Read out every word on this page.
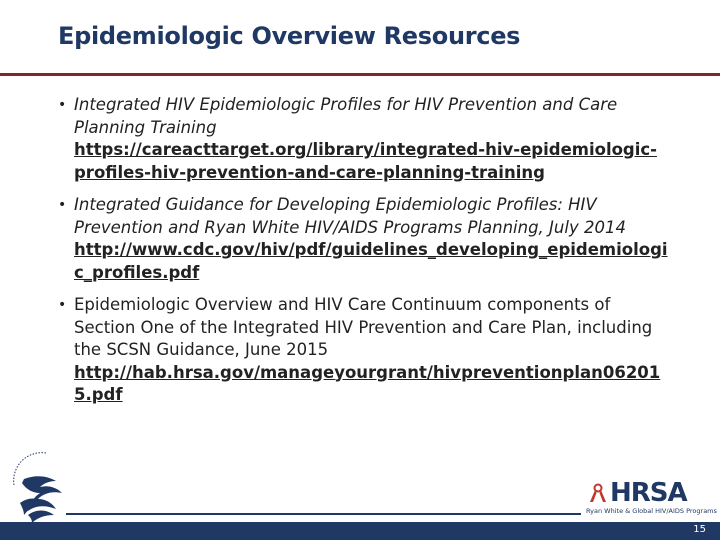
Epidemiologic Overview Resources
• Integrated HIV Epidemiologic Profiles for HIV Prevention and Care Planning Training
https://careacttarget.org/library/integrated-hiv-epidemiologic-profiles-hiv-prevention-and-care-planning-training
• Integrated Guidance for Developing Epidemiologic Profiles: HIV Prevention and Ryan White HIV/AIDS Programs Planning, July 2014
http://www.cdc.gov/hiv/pdf/guidelines_developing_epidemiologic_profiles.pdf
• Epidemiologic Overview and HIV Care Continuum components of Section One of the Integrated HIV Prevention and Care Plan, including the SCSN Guidance, June 2015
http://hab.hrsa.gov/manageyourgrant/hivpreventionplan062015.pdf
HRSA
Ryan White & Global HIV/AIDS Programs
15
